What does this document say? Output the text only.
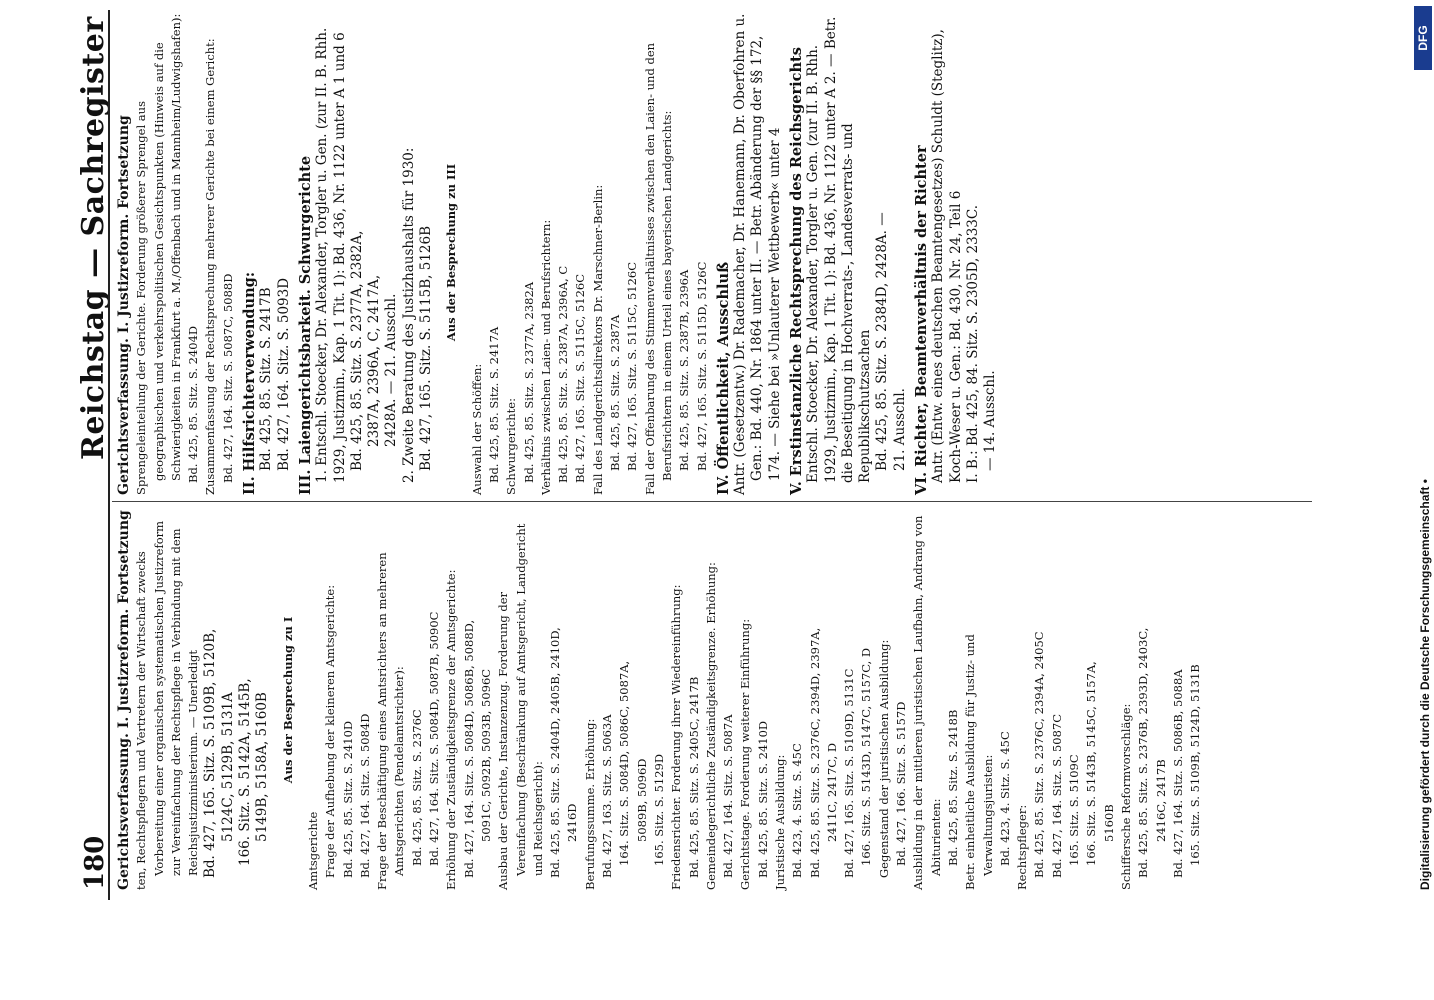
180
Reichstag — Sachregister
Gerichtsverfassung. I. Justizreform. Fortsetzung ten, Rechtspflegern und Vertretern der Wirtschaft zwecks Vorbereitung einer organischen systematischen Justizreform zur Vereinfachung der Rechtspflege in Verbindung mit dem Reichsjustizministerium. — Unerledigt Bd. 427, 165. Sitz. S. 5109B, 5120B, 5124C, 5129B, 5131A 166. Sitz. S. 5142A, 5145B, 5149B, 5158A, 5160B Aus der Besprechung zu I
Amtsgerichte Frage der Aufhebung der kleineren Amtsgerichte: Bd. 425, 85. Sitz. S. 2410D Bd. 427, 164. Sitz. S. 5084D Frage der Beschäftigung eines Amtsrichters an mehreren Amtsgerichten (Pendelamtsrichter): Bd. 425, 85. Sitz. S. 2376C Bd. 427, 164. Sitz. S. 5084D, 5087B, 5090C Erhöhung der Zuständigkeitsgrenze der Amtsgerichte: Bd. 427, 164. Sitz. S. 5084D, 5086B, 5088D, 5091C, 5092B, 5093B, 5096C Ausbau der Gerichte, Instanzenzug. Forderung der Vereinfachung (Beschränkung auf Amtsgericht, Landgericht und Reichsgericht): Bd. 425, 85. Sitz. S. 2404D, 2405B, 2410D, 2416D Berufungssumme. Erhöhung: Bd. 427, 163. Sitz. S. 5063A 164. Sitz. S. 5084D, 5086C, 5087A, 5089B, 5096D 165. Sitz. S. 5129D Friedensrichter. Forderung ihrer Wiedereinführung: Bd. 425, 85. Sitz. S. 2405C, 2417B Gemeindegerichtliche Zuständigkeitsgrenze. Erhöhung: Bd. 427, 164. Sitz. S. 5087A Gerichtstage. Forderung weiterer Einführung: Bd. 425, 85. Sitz. S. 2410D Juristische Ausbildung: Bd. 423, 4. Sitz. S. 45C Bd. 425, 85. Sitz. S. 2376C, 2394D, 2397A, 2411C, 2417C, D Bd. 427, 165. Sitz. S. 5109D, 5131C 166. Sitz. S. 5143D, 5147C, 5157C, D Gegenstand der juristischen Ausbildung: Bd. 427, 166. Sitz. S. 5157D Ausbildung in der mittleren juristischen Laufbahn, Andrang von Abiturienten: Bd. 425, 85. Sitz. S. 2418B Betr. einheitliche Ausbildung für Justiz- und Verwaltungsjuristen: Bd. 423, 4. Sitz. S. 45C Rechtspfleger: Bd. 425, 85. Sitz. S. 2376C, 2394A, 2405C Bd. 427, 164. Sitz. S. 5087C 165. Sitz. S. 5109C 166. Sitz. S. 5143B, 5145C, 5157A, 5160B Schiffersche Reformvorschläge: Bd. 425, 85. Sitz. S. 2376B, 2393D, 2403C, 2416C, 2417B Bd. 427, 164. Sitz. S. 5086B, 5088A 165. Sitz. S. 5109B, 5124D, 5131B
Gerichtsverfassung. I. Justizreform. Fortsetzung Sprengeleinteilung der Gerichte. Forderung größerer Sprengel aus geographischen und verkehrspolitischen Gesichtspunkten (Hinweis auf die Schwierigkeiten in Frankfurt a. M./Offenbach und in Mannheim/Ludwigshafen): Bd. 425, 85. Sitz. S. 2404D Zusammenfassung der Rechtsprechung mehrerer Gerichte bei einem Gericht: Bd. 427, 164. Sitz. S. 5087C, 5088D II. Hilfsrichterverwendung: Bd. 425, 85. Sitz. S. 2417B Bd. 427, 164. Sitz. S. 5093D III. Laiengerichtsbarkeit. Schwurgerichte 1. Entschl. Stoecker, Dr. Alexander, Torgler u. Gen. (zur II. B. Rhh. 1929, Justizmin., Kap. 1 Tit. 1): Bd. 436, Nr. 1122 unter A 1 und 6 Bd. 425, 85. Sitz. S. 2377A, 2382A, 2387A, 2396A, C, 2417A, 2428A. — 21. Ausschl. 2. Zweite Beratung des Justizhaushalts für 1930: Bd. 427, 165. Sitz. S. 5115B, 5126B Aus der Besprechung zu III
Auswahl der Schöffen: Bd. 425, 85. Sitz. S. 2417A Schwurgerichte: Bd. 425, 85. Sitz. S. 2377A, 2382A Verhältnis zwischen Laien- und Berufsrichtern: Bd. 425, 85. Sitz. S. 2387A, 2396A, C Bd. 427, 165. Sitz. S. 5115C, 5126C Fall des Landgerichtsdirektors Dr. Marschner-Berlin: Bd. 425, 85. Sitz. S. 2387A Bd. 427, 165. Sitz. S. 5115C, 5126C Fall der Offenbarung des Stimmenverhältnisses zwischen den Laien- und den Berufsrichtern in einem Urteil eines bayerischen Landgerichts: Bd. 425, 85. Sitz. S. 2387B, 2396A Bd. 427, 165. Sitz. S. 5115D, 5126C IV. Öffentlichkeit, Ausschluß Antr. (Gesetzentw.) Dr. Rademacher, Dr. Hanemann, Dr. Oberfohren u. Gen.: Bd. 440, Nr. 1864 unter II. — Betr. Abänderung der §§ 172, 174. — Siehe bei »Unlauterer Wettbewerb« unter 4 V. Erstinstanzliche Rechtsprechung des Reichsgerichts Entschl. Stoecker, Dr. Alexander, Torgler u. Gen. (zur II. B. Rhh. 1929, Justizmin., Kap. 1 Tit. 1): Bd. 436, Nr. 1122 unter A 2. — Betr. die Beseitigung in Hochverrats-, Landesverrats- und Republikschutzsachen Bd. 425, 85. Sitz. S. 2384D, 2428A. — 21. Ausschl. VI. Richter, Beamtenverhältnis der Richter Antr. (Entw. eines deutschen Beamtengesetzes) Schuldt (Steglitz), Koch-Weser u. Gen.: Bd. 430, Nr. 24, Teil 6 I. B.: Bd. 425, 84. Sitz. S. 2305D, 2333C. — 14. Ausschl.
Digitalisierung gefördert durch die Deutsche Forschungsgemeinschaft •
DFG
